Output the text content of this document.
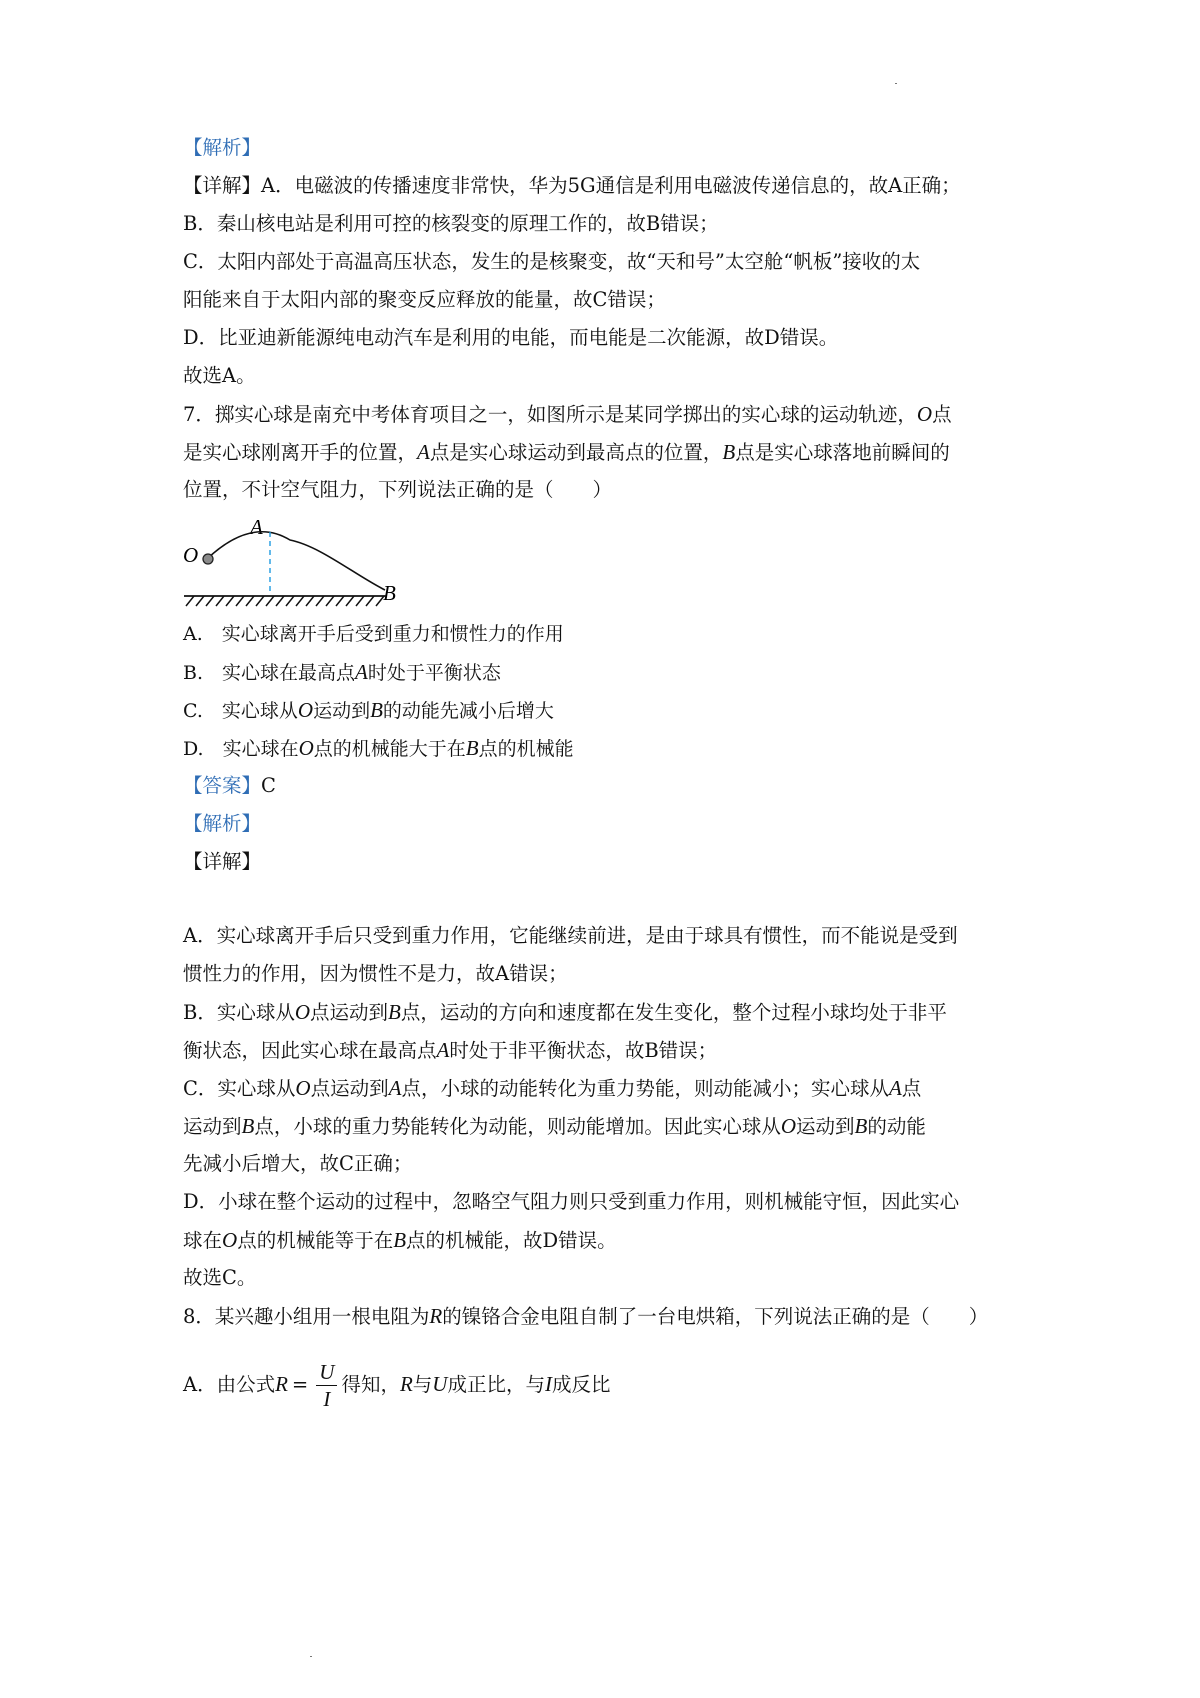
【解析】
【详解】A．电磁波的传播速度非常快，华为5G通信是利用电磁波传递信息的，故A正确；
B．秦山核电站是利用可控的核裂变的原理工作的，故B错误；
C．太阳内部处于高温高压状态，发生的是核聚变，故“天和号”太空舱“帆板”接收的太
阳能来自于太阳内部的聚变反应释放的能量，故C错误；
D．比亚迪新能源纯电动汽车是利用的电能，而电能是二次能源，故D错误。
故选A。
7．掷实心球是南充中考体育项目之一，如图所示是某同学掷出的实心球的运动轨迹，O点
是实心球刚离开手的位置，A点是实心球运动到最高点的位置，B点是实心球落地前瞬间的
位置，不计空气阻力，下列说法正确的是（　　）
A
O
B
A.　实心球离开手后受到重力和惯性力的作用
B.　实心球在最高点A时处于平衡状态
C.　实心球从O运动到B的动能先减小后增大
D.　实心球在O点的机械能大于在B点的机械能
【答案】C
【解析】
【详解】
A．实心球离开手后只受到重力作用，它能继续前进，是由于球具有惯性，而不能说是受到
惯性力的作用，因为惯性不是力，故A错误；
B．实心球从O点运动到B点，运动的方向和速度都在发生变化，整个过程小球均处于非平
衡状态，因此实心球在最高点A时处于非平衡状态，故B错误；
C．实心球从O点运动到A点，小球的动能转化为重力势能，则动能减小；实心球从A点
运动到B点，小球的重力势能转化为动能，则动能增加。因此实心球从O运动到B的动能
先减小后增大，故C正确；
D．小球在整个运动的过程中，忽略空气阻力则只受到重力作用，则机械能守恒，因此实心
球在O点的机械能等于在B点的机械能，故D错误。
故选C。
8．某兴趣小组用一根电阻为R的镍铬合金电阻自制了一台电烘箱，下列说法正确的是（　　）
A．由公式$R = \frac{U}{I}$ 得知，R与U成正比，与I成反比
